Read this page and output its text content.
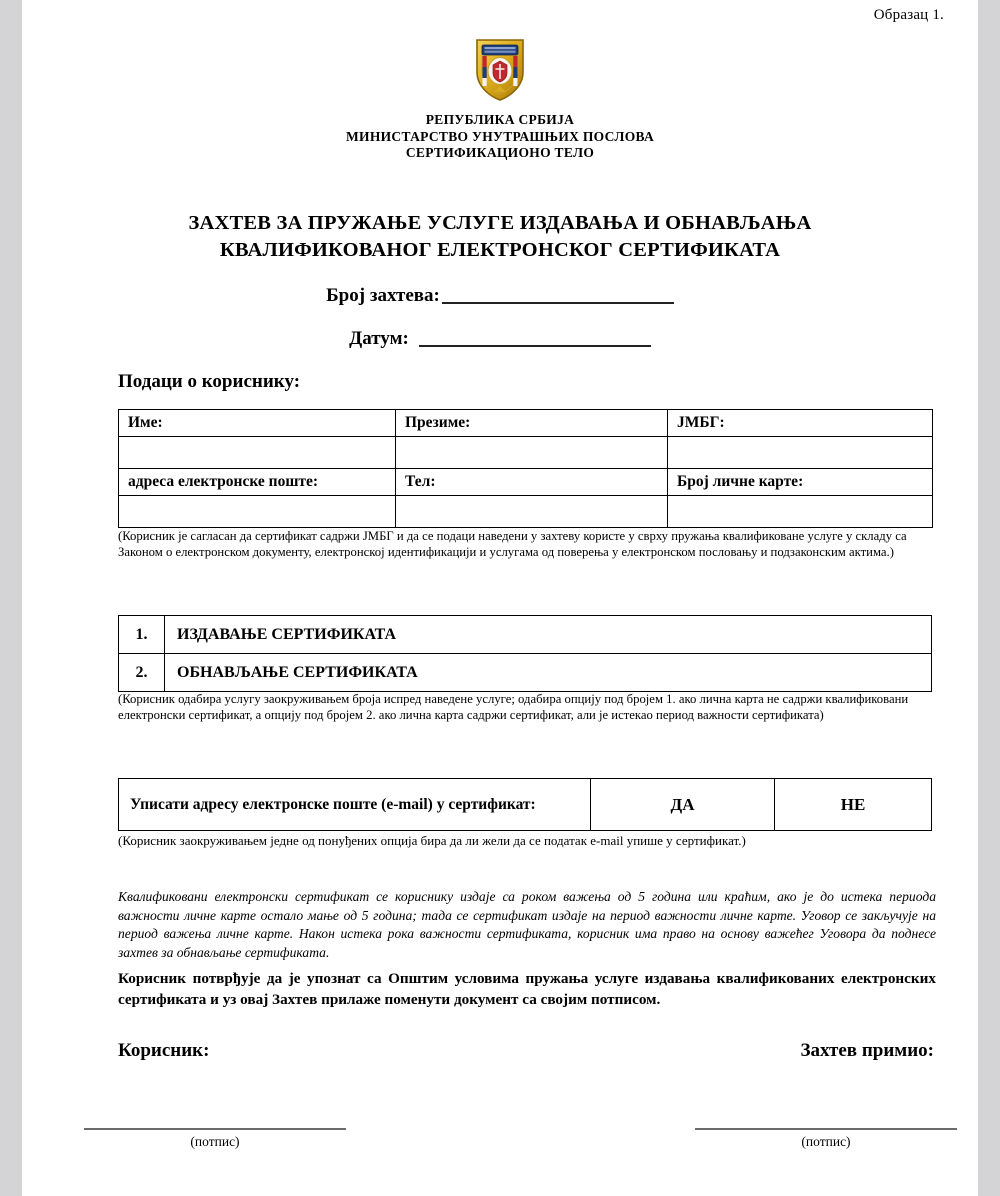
Образац 1.
РЕПУБЛИКА СРБИЈА
МИНИСТАРСТВО УНУТРАШЊИХ ПОСЛОВА
СЕРТИФИКАЦИОНО ТЕЛО
ЗАХТЕВ ЗА ПРУЖАЊЕ УСЛУГЕ ИЗДАВАЊА И ОБНАВЉАЊА
КВАЛИФИКОВАНОГ ЕЛЕКТРОНСКОГ СЕРТИФИКАТА
Број захтева:
Датум:
Подаци о кориснику:
Име:	Презиме:	ЈМБГ:

адреса електронске поште:	Тел:	Број личне карте:

(Корисник је сагласан да сертификат садржи ЈМБГ и да се подаци наведени у захтеву користе у сврху пружања квалификоване услуге у складу са Законом о електронском документу, електронској идентификацији и услугама од поверења у електронском пословању и подзаконским актима.)
1.	ИЗДАВАЊЕ СЕРТИФИКАТА
2.	ОБНАВЉАЊЕ СЕРТИФИКАТА
(Корисник одабира услугу заокруживањем броја испред наведене услуге; одабира опцију под бројем 1. ако лична карта не садржи квалификовани електронски сертификат, а опцију под бројем 2. ако лична карта садржи сертификат, али је истекао период важности сертификата)
Уписати адресу електронске поште (e-mail) у сертификат:	ДА	НЕ
(Корисник заокруживањем једне од понуђених опција бира да ли жели да се податак e-mail упише у сертификат.)
Квалификовани електронски сертификат се кориснику издаје са роком важења од 5 година или краћим, ако је до истека периода важности личне карте остало мање од 5 година; тада се сертификат издаје на период важности личне карте. Уговор се закључује на период важења личне карте. Након истека рока важности сертификата, корисник има право на основу важећег Уговора да поднесе захтев за обнављање сертификата.
Корисник потврђује да је упознат са Општим условима пружања услуге издавања квалификованих електронских сертификата и уз овај Захтев прилаже поменути документ са својим потписом.
Корисник:	Захтев примио:
(потпис)	(потпис)
